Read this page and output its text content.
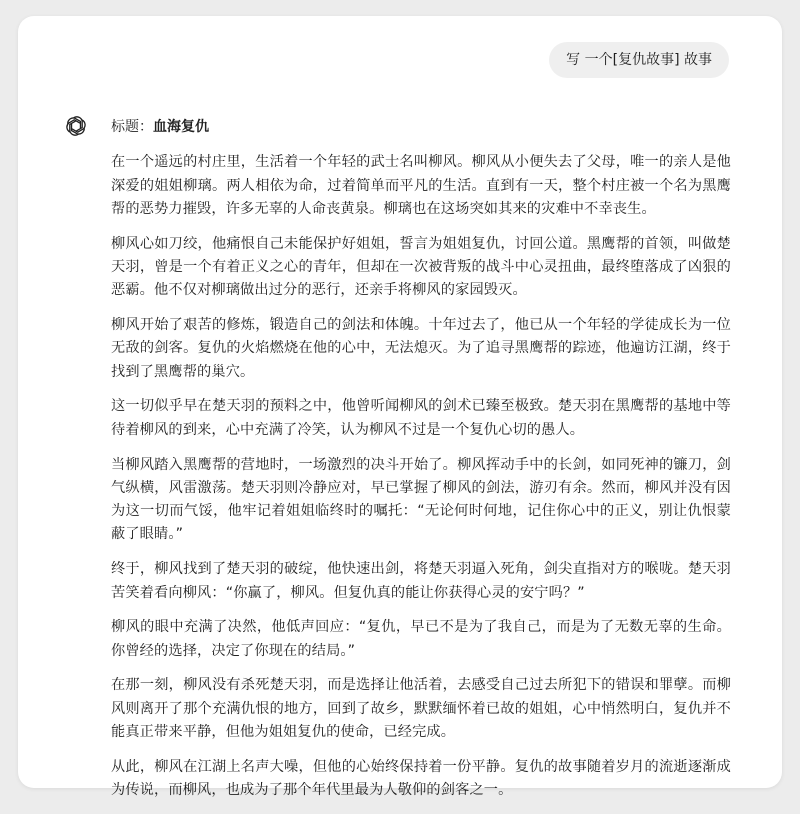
写 一个[复仇故事] 故事
标题：血海复仇

在一个遥远的村庄里，生活着一个年轻的武士名叫柳风。柳风从小便失去了父母，唯一的亲人是他深爱的姐姐柳璃。两人相依为命，过着简单而平凡的生活。直到有一天，整个村庄被一个名为黑鹰帮的恶势力摧毁，许多无辜的人命丧黄泉。柳璃也在这场突如其来的灾难中不幸丧生。

柳风心如刀绞，他痛恨自己未能保护好姐姐，誓言为姐姐复仇，讨回公道。黑鹰帮的首领，叫做楚天羽，曾是一个有着正义之心的青年，但却在一次被背叛的战斗中心灵扭曲，最终堕落成了凶狠的恶霸。他不仅对柳璃做出过分的恶行，还亲手将柳风的家园毁灭。

柳风开始了艰苦的修炼，锻造自己的剑法和体魄。十年过去了，他已从一个年轻的学徒成长为一位无敌的剑客。复仇的火焰燃烧在他的心中，无法熄灭。为了追寻黑鹰帮的踪迹，他遍访江湖，终于找到了黑鹰帮的巢穴。

这一切似乎早在楚天羽的预料之中，他曾听闻柳风的剑术已臻至极致。楚天羽在黑鹰帮的基地中等待着柳风的到来，心中充满了冷笑，认为柳风不过是一个复仇心切的愚人。

当柳风踏入黑鹰帮的营地时，一场激烈的决斗开始了。柳风挥动手中的长剑，如同死神的镰刀，剑气纵横，风雷激荡。楚天羽则冷静应对，早已掌握了柳风的剑法，游刃有余。然而，柳风并没有因为这一切而气馁，他牢记着姐姐临终时的嘱托：“无论何时何地，记住你心中的正义，别让仇恨蒙蔽了眼睛。”

终于，柳风找到了楚天羽的破绽，他快速出剑，将楚天羽逼入死角，剑尖直指对方的喉咙。楚天羽苦笑着看向柳风：“你赢了，柳风。但复仇真的能让你获得心灵的安宁吗？”

柳风的眼中充满了决然，他低声回应：“复仇，早已不是为了我自己，而是为了无数无辜的生命。你曾经的选择，决定了你现在的结局。”

在那一刻，柳风没有杀死楚天羽，而是选择让他活着，去感受自己过去所犯下的错误和罪孽。而柳风则离开了那个充满仇恨的地方，回到了故乡，默默缅怀着已故的姐姐，心中悄然明白，复仇并不能真正带来平静，但他为姐姐复仇的使命，已经完成。

从此，柳风在江湖上名声大噪，但他的心始终保持着一份平静。复仇的故事随着岁月的流逝逐渐成为传说，而柳风，也成为了那个年代里最为人敬仰的剑客之一。
